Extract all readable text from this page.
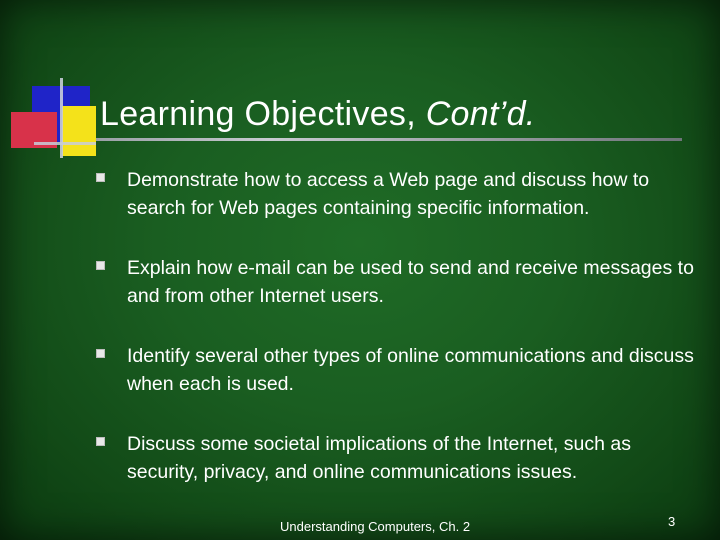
Learning Objectives, Cont’d.
Demonstrate how to access a Web page and discuss how to search for Web pages containing specific information.
Explain how e-mail can be used to send and receive messages to and from other Internet users.
Identify several other types of online communications and discuss when each is used.
Discuss some societal implications of the Internet, such as security, privacy, and online communications issues.
Understanding Computers, Ch. 2	3
